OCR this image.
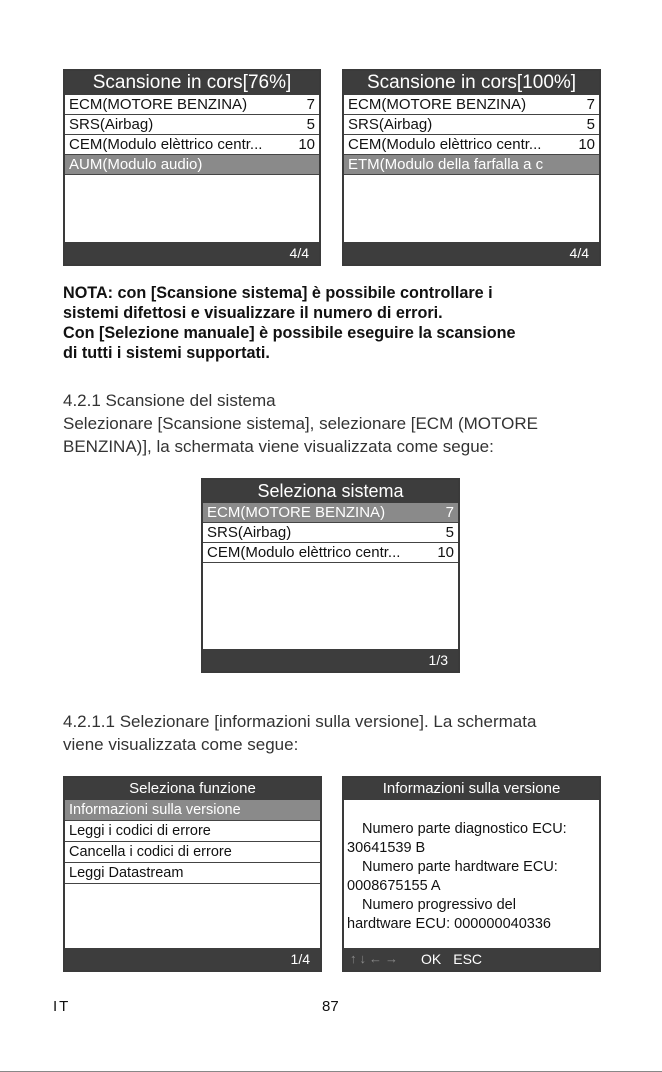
Scansione in cors[76%]
ECM(MOTORE BENZINA)	7
SRS(Airbag)	5
CEM(Modulo elèttrico centr... 10
AUM(Modulo audio)
4/4
Scansione in cors[100%]
ECM(MOTORE BENZINA)	7
SRS(Airbag)	5
CEM(Modulo elèttrico centr... 10
ETM(Modulo della farfalla a c
4/4

NOTA: con [Scansione sistema] è possibile controllare i

sistemi difettosi e visualizzare il numero di errori.

Con [Selezione manuale] è possibile eseguire la scansione

di tutti i sistemi supportati.

4.2.1 Scansione del sistema

Selezionare [Scansione sistema], selezionare [ECM (MOTORE

BENZINA)], la schermata viene visualizzata come segue:

Seleziona sistema
ECM(MOTORE BENZINA)	7
SRS(Airbag)	5
CEM(Modulo elèttrico centr... 10
1/3

4.2.1.1 Selezionare [informazioni sulla versione]. La schermata

viene visualizzata come segue:

Seleziona funzione
Informazioni sulla versione
Leggi i codici di errore
Cancella i codici di errore
Leggi Datastream
1/4
Informazioni sulla versione
Numero parte diagnostico ECU:
30641539 B
Numero parte hardtware ECU:
0008675155 A
Numero progressivo del
hardtware ECU: 000000040336
↑↓←→ OK ESC
IT	87
